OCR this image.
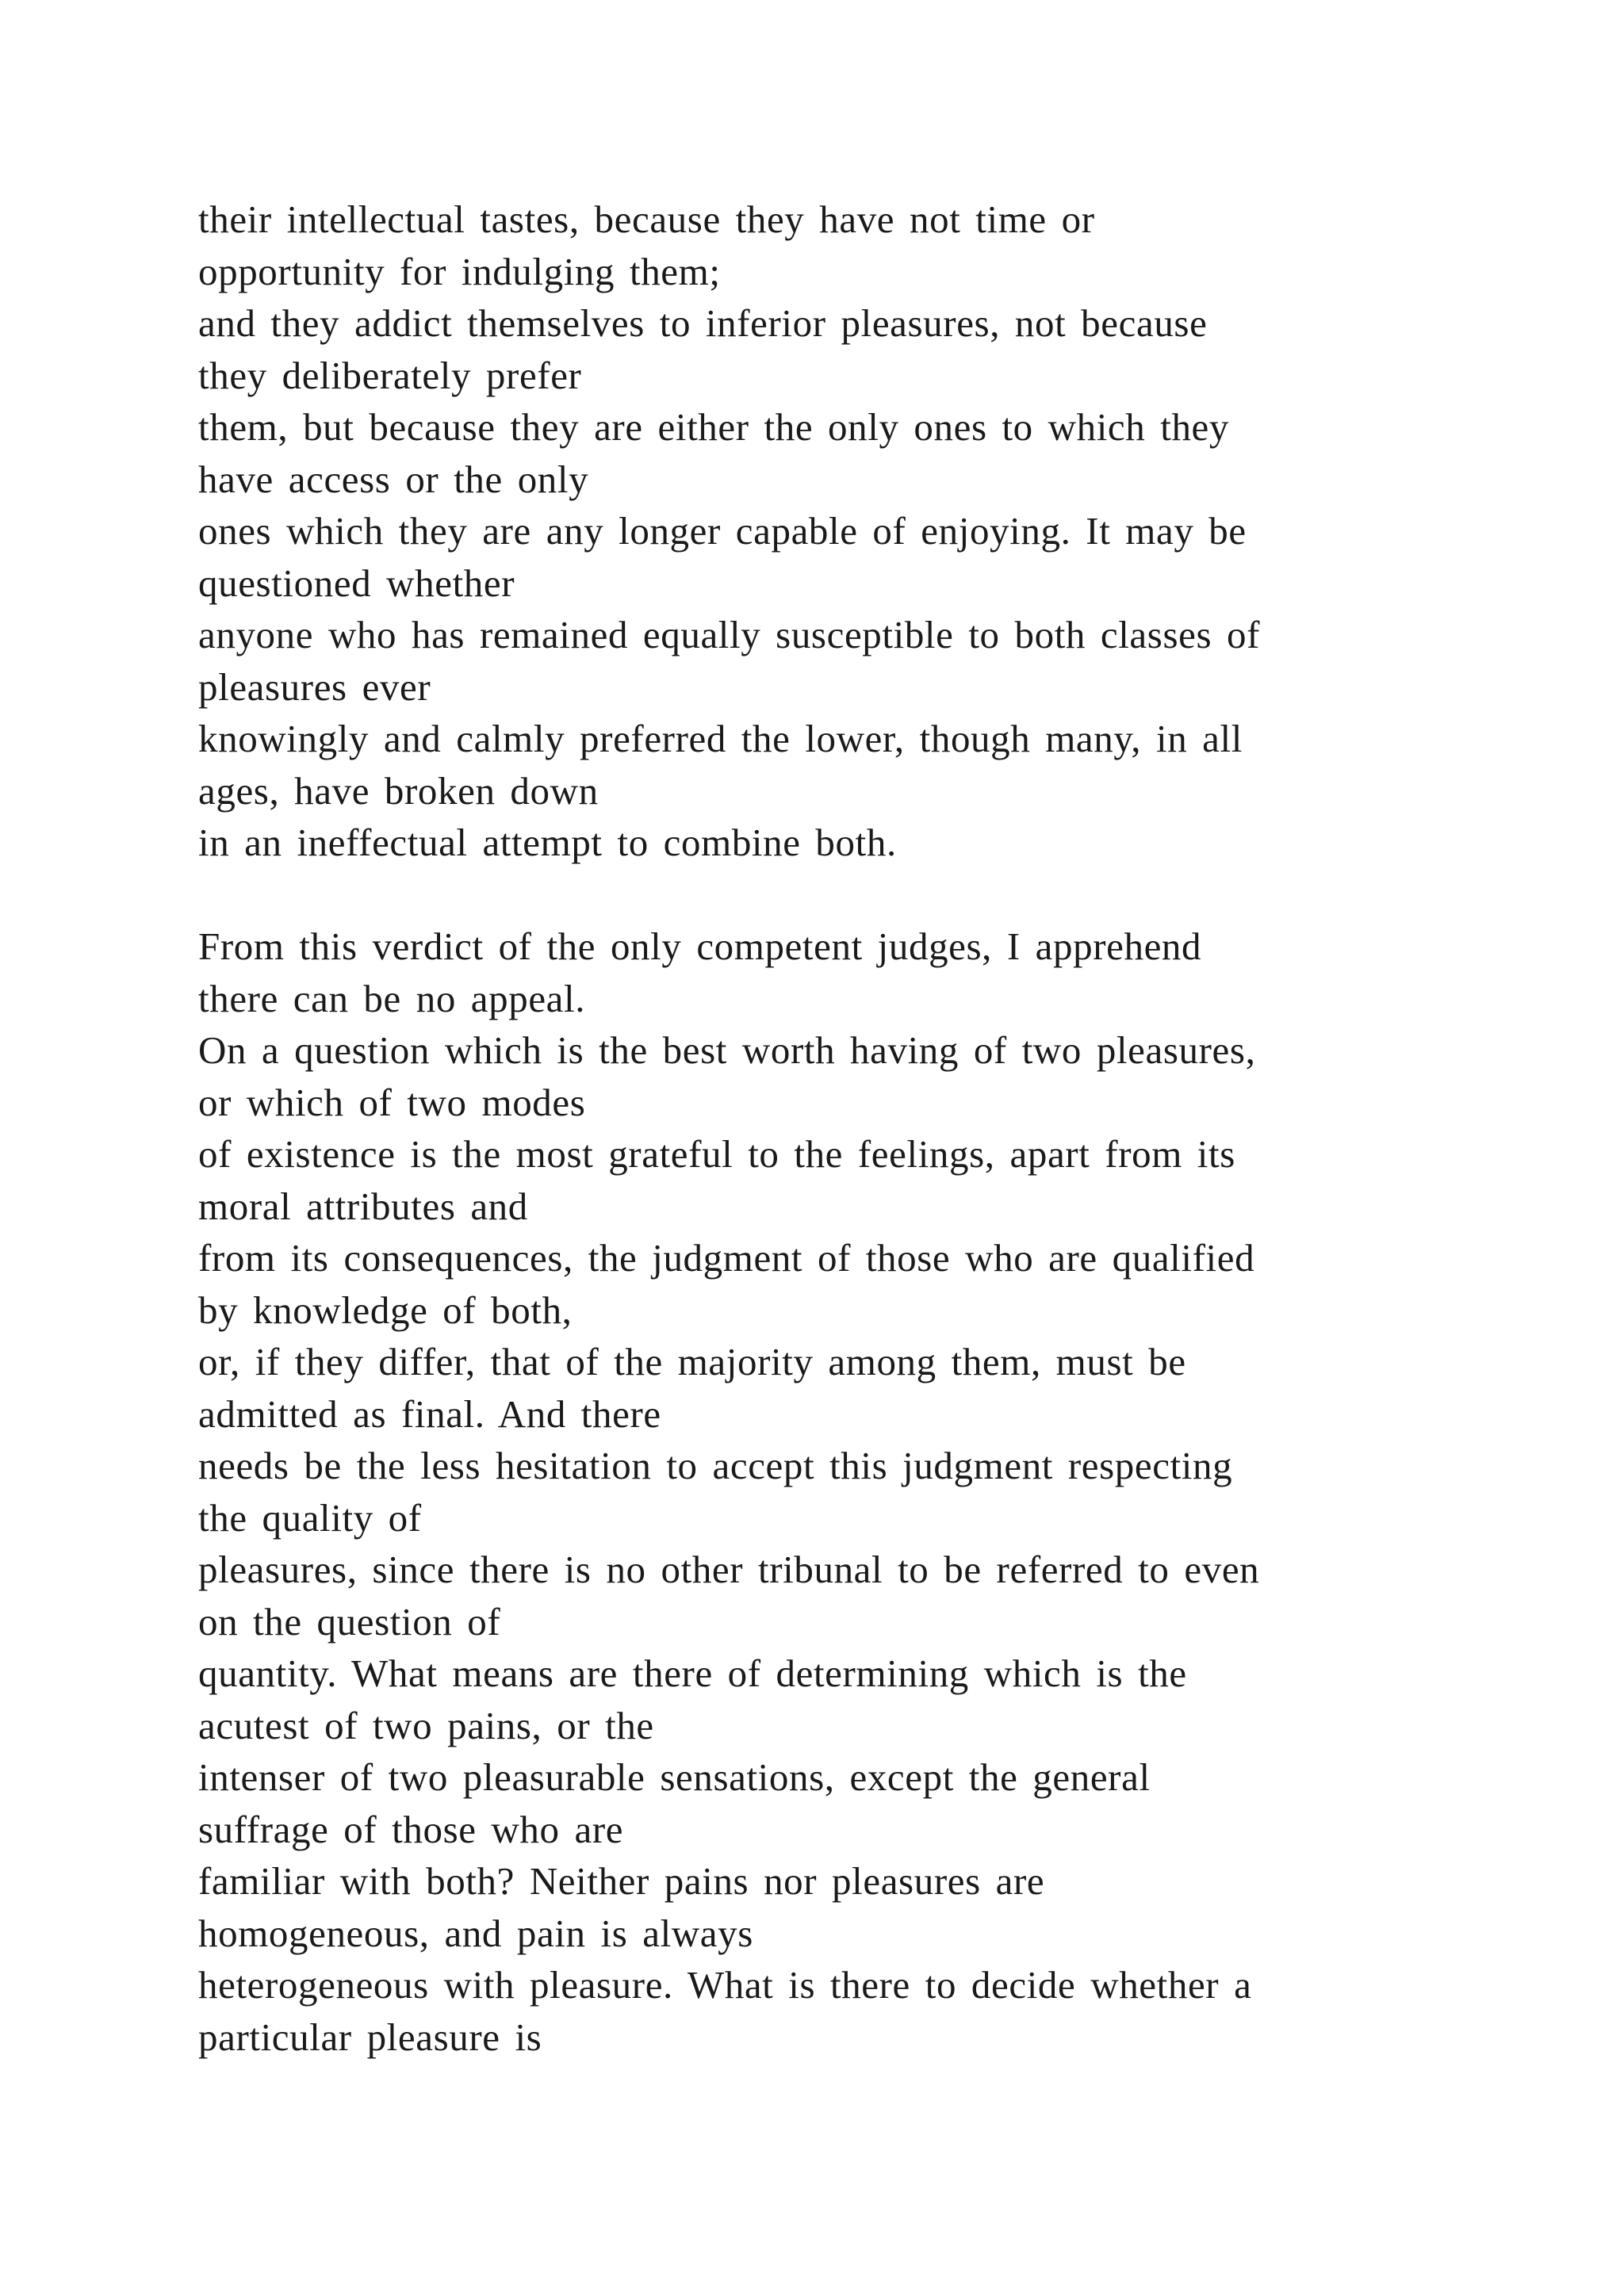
their intellectual tastes, because they have not time or
opportunity for indulging them;
and they addict themselves to inferior pleasures, not because
they deliberately prefer
them, but because they are either the only ones to which they
have access or the only
ones which they are any longer capable of enjoying. It may be
questioned whether
anyone who has remained equally susceptible to both classes of
pleasures ever
knowingly and calmly preferred the lower, though many, in all
ages, have broken down
in an ineffectual attempt to combine both.
From this verdict of the only competent judges, I apprehend
there can be no appeal.
On a question which is the best worth having of two pleasures,
or which of two modes
of existence is the most grateful to the feelings, apart from its
moral attributes and
from its consequences, the judgment of those who are qualified
by knowledge of both,
or, if they differ, that of the majority among them, must be
admitted as final. And there
needs be the less hesitation to accept this judgment respecting
the quality of
pleasures, since there is no other tribunal to be referred to even
on the question of
quantity. What means are there of determining which is the
acutest of two pains, or the
intenser of two pleasurable sensations, except the general
suffrage of those who are
familiar with both? Neither pains nor pleasures are
homogeneous, and pain is always
heterogeneous with pleasure. What is there to decide whether a
particular pleasure is
